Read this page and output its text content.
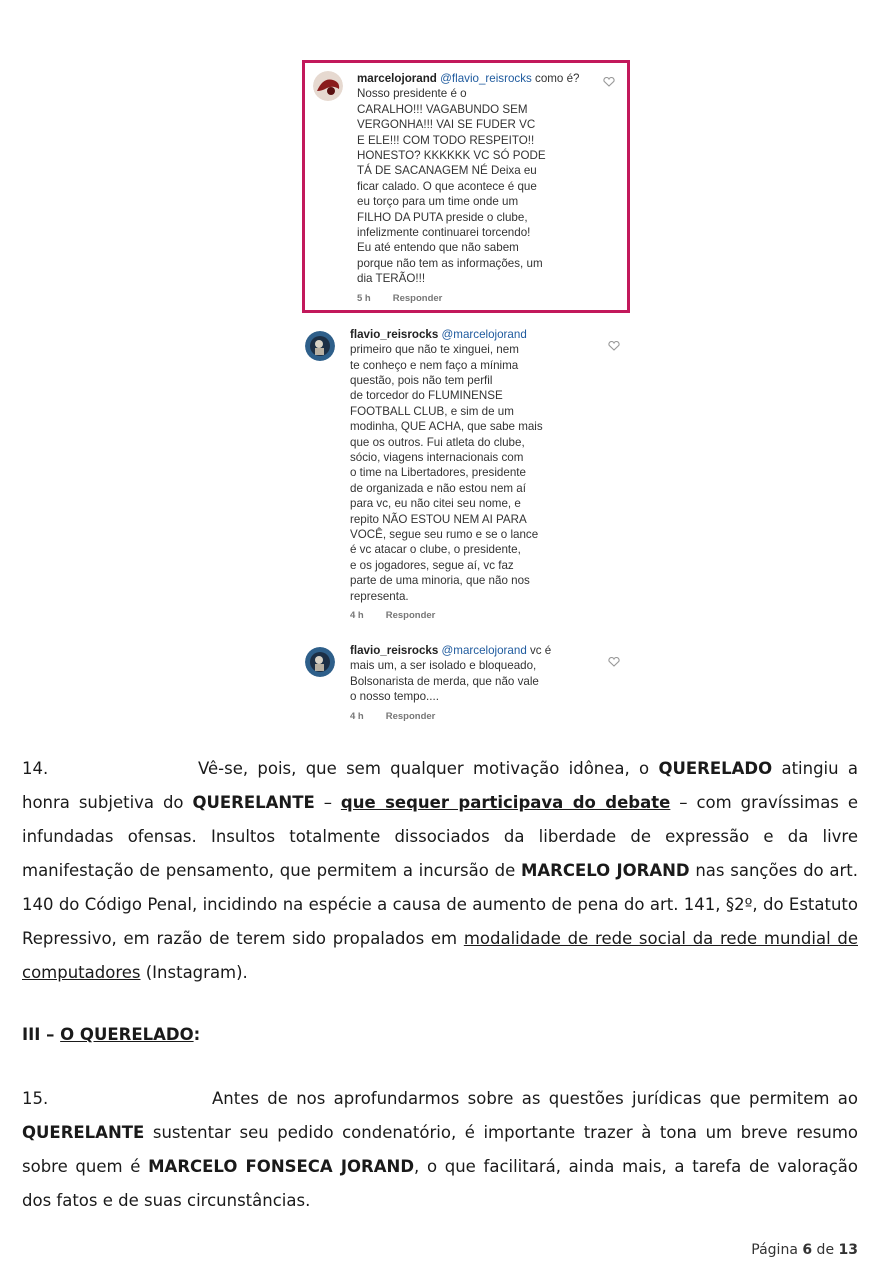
marcelojorand @flavio_reisrocks como é? Nosso presidente é o
CARALHO!!! VAGABUNDO SEM
VERGONHA!!! VAI SE FUDER VC
E ELE!!! COM TODO RESPEITO!!
HONESTO? KKKKKK VC SÓ PODE
TÁ DE SACANAGEM NÉ Deixa eu
ficar calado. O que acontece é que
eu torço para um time onde um
FILHO DA PUTA preside o clube,
infelizmente continuarei torcendo!
Eu até entendo que não sabem
porque não tem as informações, um
dia TERÃO!!!
5 h Responder
flavio_reisrocks @marcelojorand
primeiro que não te xinguei, nem
te conheço e nem faço a mínima
questão, pois não tem perfil
de torcedor do FLUMINENSE
FOOTBALL CLUB, e sim de um
modinha, QUE ACHA, que sabe mais
que os outros. Fui atleta do clube,
sócio, viagens internacionais com
o time na Libertadores, presidente
de organizada e não estou nem aí
para vc, eu não citei seu nome, e
repito NÃO ESTOU NEM AI PARA
VOCÊ, segue seu rumo e se o lance
é vc atacar o clube, o presidente,
e os jogadores, segue aí, vc faz
parte de uma minoria, que não nos
representa.
4 h Responder
flavio_reisrocks @marcelojorand vc é
mais um, a ser isolado e bloqueado,
Bolsonarista de merda, que não vale
o nosso tempo....
4 h Responder
14.	Vê-se, pois, que sem qualquer motivação idônea, o QUERELADO atingiu a honra subjetiva do QUERELANTE – que sequer participava do debate – com gravíssimas e infundadas ofensas. Insultos totalmente dissociados da liberdade de expressão e da livre manifestação de pensamento, que permitem a incursão de MARCELO JORAND nas sanções do art. 140 do Código Penal, incidindo na espécie a causa de aumento de pena do art. 141, §2º, do Estatuto Repressivo, em razão de terem sido propalados em modalidade de rede social da rede mundial de computadores (Instagram).
III – O QUERELADO:
15.	Antes de nos aprofundarmos sobre as questões jurídicas que permitem ao QUERELANTE sustentar seu pedido condenatório, é importante trazer à tona um breve resumo sobre quem é MARCELO FONSECA JORAND, o que facilitará, ainda mais, a tarefa de valoração dos fatos e de suas circunstâncias.
Página 6 de 13
